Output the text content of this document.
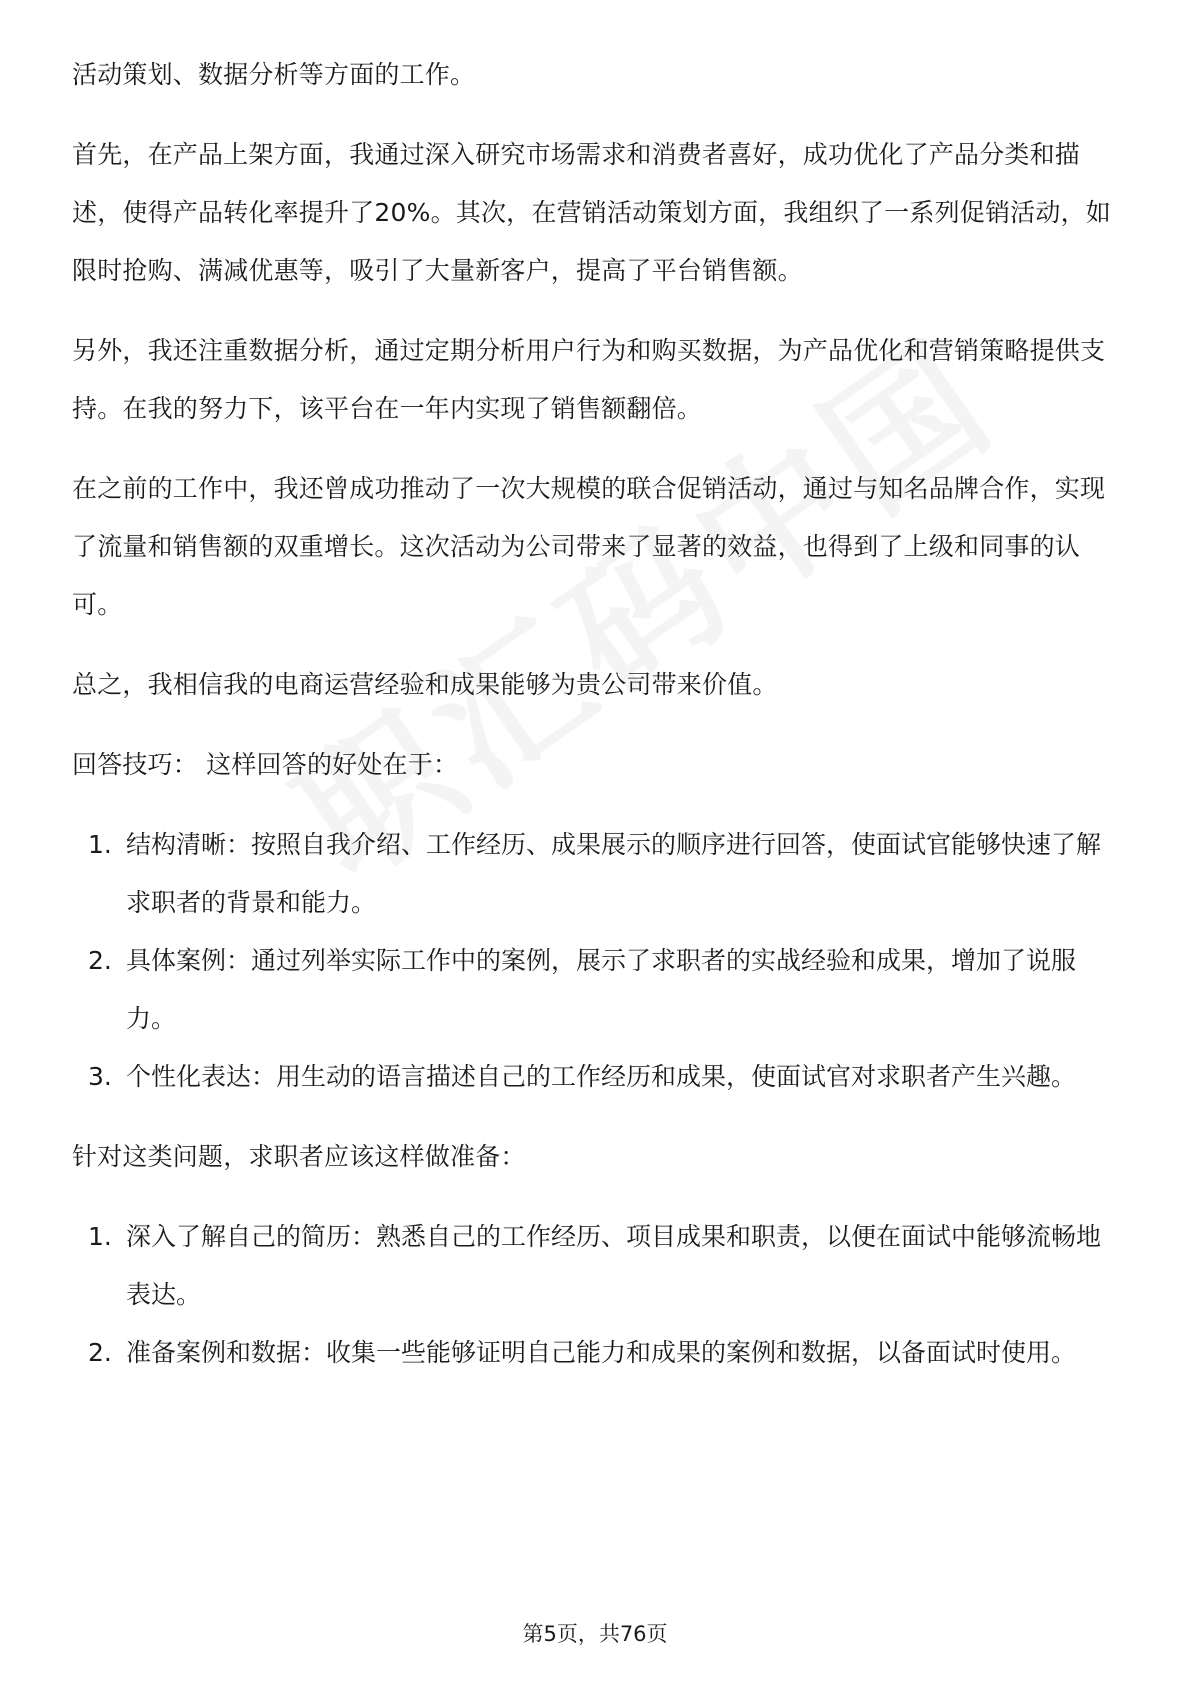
活动策划、数据分析等方面的工作。

首先，在产品上架方面，我通过深入研究市场需求和消费者喜好，成功优化了产品分类和描述，使得产品转化率提升了20%。其次，在营销活动策划方面，我组织了一系列促销活动，如限时抢购、满减优惠等，吸引了大量新客户，提高了平台销售额。

另外，我还注重数据分析，通过定期分析用户行为和购买数据，为产品优化和营销策略提供支持。在我的努力下，该平台在一年内实现了销售额翻倍。

在之前的工作中，我还曾成功推动了一次大规模的联合促销活动，通过与知名品牌合作，实现了流量和销售额的双重增长。这次活动为公司带来了显著的效益，也得到了上级和同事的认可。

总之，我相信我的电商运营经验和成果能够为贵公司带来价值。

回答技巧： 这样回答的好处在于：

1. 结构清晰：按照自我介绍、工作经历、成果展示的顺序进行回答，使面试官能够快速了解求职者的背景和能力。
2. 具体案例：通过列举实际工作中的案例，展示了求职者的实战经验和成果，增加了说服力。
3. 个性化表达：用生动的语言描述自己的工作经历和成果，使面试官对求职者产生兴趣。

针对这类问题，求职者应该这样做准备：

1. 深入了解自己的简历：熟悉自己的工作经历、项目成果和职责，以便在面试中能够流畅地表达。
2. 准备案例和数据：收集一些能够证明自己能力和成果的案例和数据，以备面试时使用。
第5页，共76页
